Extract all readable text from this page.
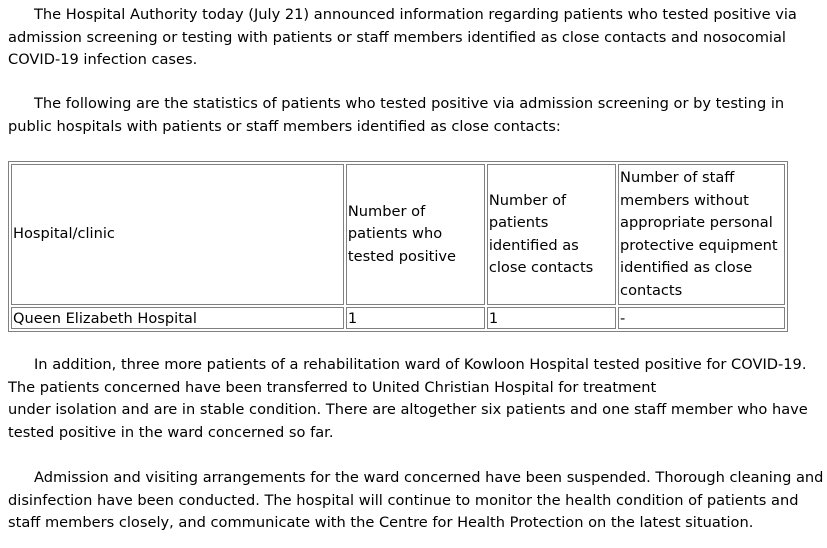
The Hospital Authority today (July 21) announced information regarding patients who tested positive via admission screening or testing with patients or staff members identified as close contacts and nosocomial COVID-19 infection cases.

The following are the statistics of patients who tested positive via admission screening or by testing in public hospitals with patients or staff members identified as close contacts:

Hospital/clinic	Number of patients who tested positive	Number of patients identified as close contacts	Number of staff members without appropriate personal protective equipment identified as close contacts
Queen Elizabeth Hospital	1	1	-

In addition, three more patients of a rehabilitation ward of Kowloon Hospital tested positive for COVID-19. The patients concerned have been transferred to United Christian Hospital for treatment
under isolation and are in stable condition. There are altogether six patients and one staff member who have tested positive in the ward concerned so far.

Admission and visiting arrangements for the ward concerned have been suspended. Thorough cleaning and disinfection have been conducted. The hospital will continue to monitor the health condition of patients and staff members closely, and communicate with the Centre for Health Protection on the latest situation.
